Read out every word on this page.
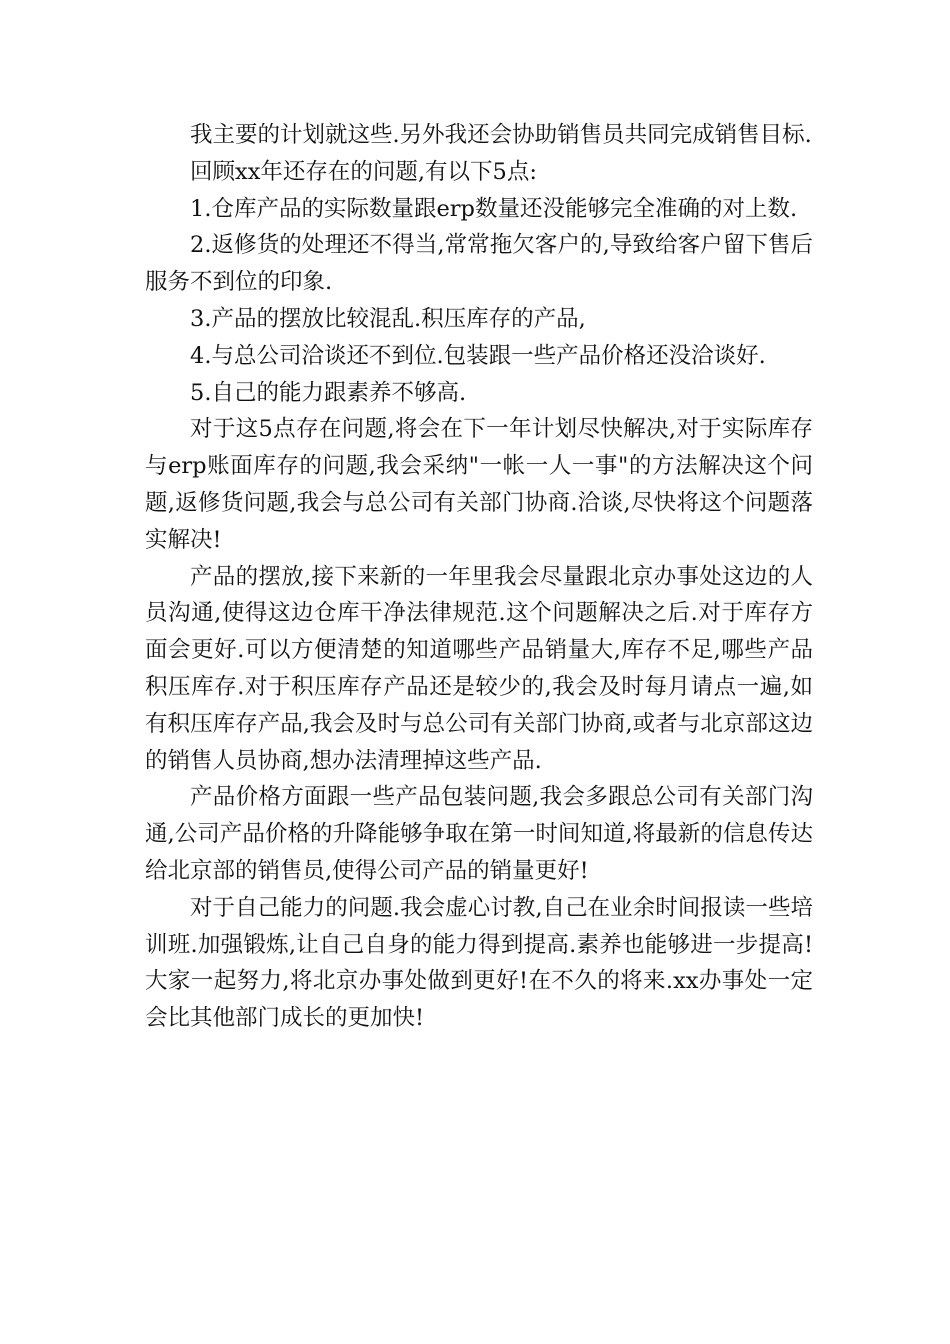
我主要的计划就这些.另外我还会协助销售员共同完成销售目标.

回顾xx年还存在的问题,有以下5点:

1.仓库产品的实际数量跟erp数量还没能够完全准确的对上数.

2.返修货的处理还不得当,常常拖欠客户的,导致给客户留下售后服务不到位的印象.

3.产品的摆放比较混乱.积压库存的产品,

4.与总公司洽谈还不到位.包装跟一些产品价格还没洽谈好.

5.自己的能力跟素养不够高.

对于这5点存在问题,将会在下一年计划尽快解决,对于实际库存与erp账面库存的问题,我会采纳"一帐一人一事"的方法解决这个问题,返修货问题,我会与总公司有关部门协商.洽谈,尽快将这个问题落实解决!

产品的摆放,接下来新的一年里我会尽量跟北京办事处这边的人员沟通,使得这边仓库干净法律规范.这个问题解决之后.对于库存方面会更好.可以方便清楚的知道哪些产品销量大,库存不足,哪些产品积压库存.对于积压库存产品还是较少的,我会及时每月请点一遍,如有积压库存产品,我会及时与总公司有关部门协商,或者与北京部这边的销售人员协商,想办法清理掉这些产品.

产品价格方面跟一些产品包装问题,我会多跟总公司有关部门沟通,公司产品价格的升降能够争取在第一时间知道,将最新的信息传达给北京部的销售员,使得公司产品的销量更好!

对于自己能力的问题.我会虚心讨教,自己在业余时间报读一些培训班.加强锻炼,让自己自身的能力得到提高.素养也能够进一步提高!大家一起努力,将北京办事处做到更好!在不久的将来.xx办事处一定会比其他部门成长的更加快!
